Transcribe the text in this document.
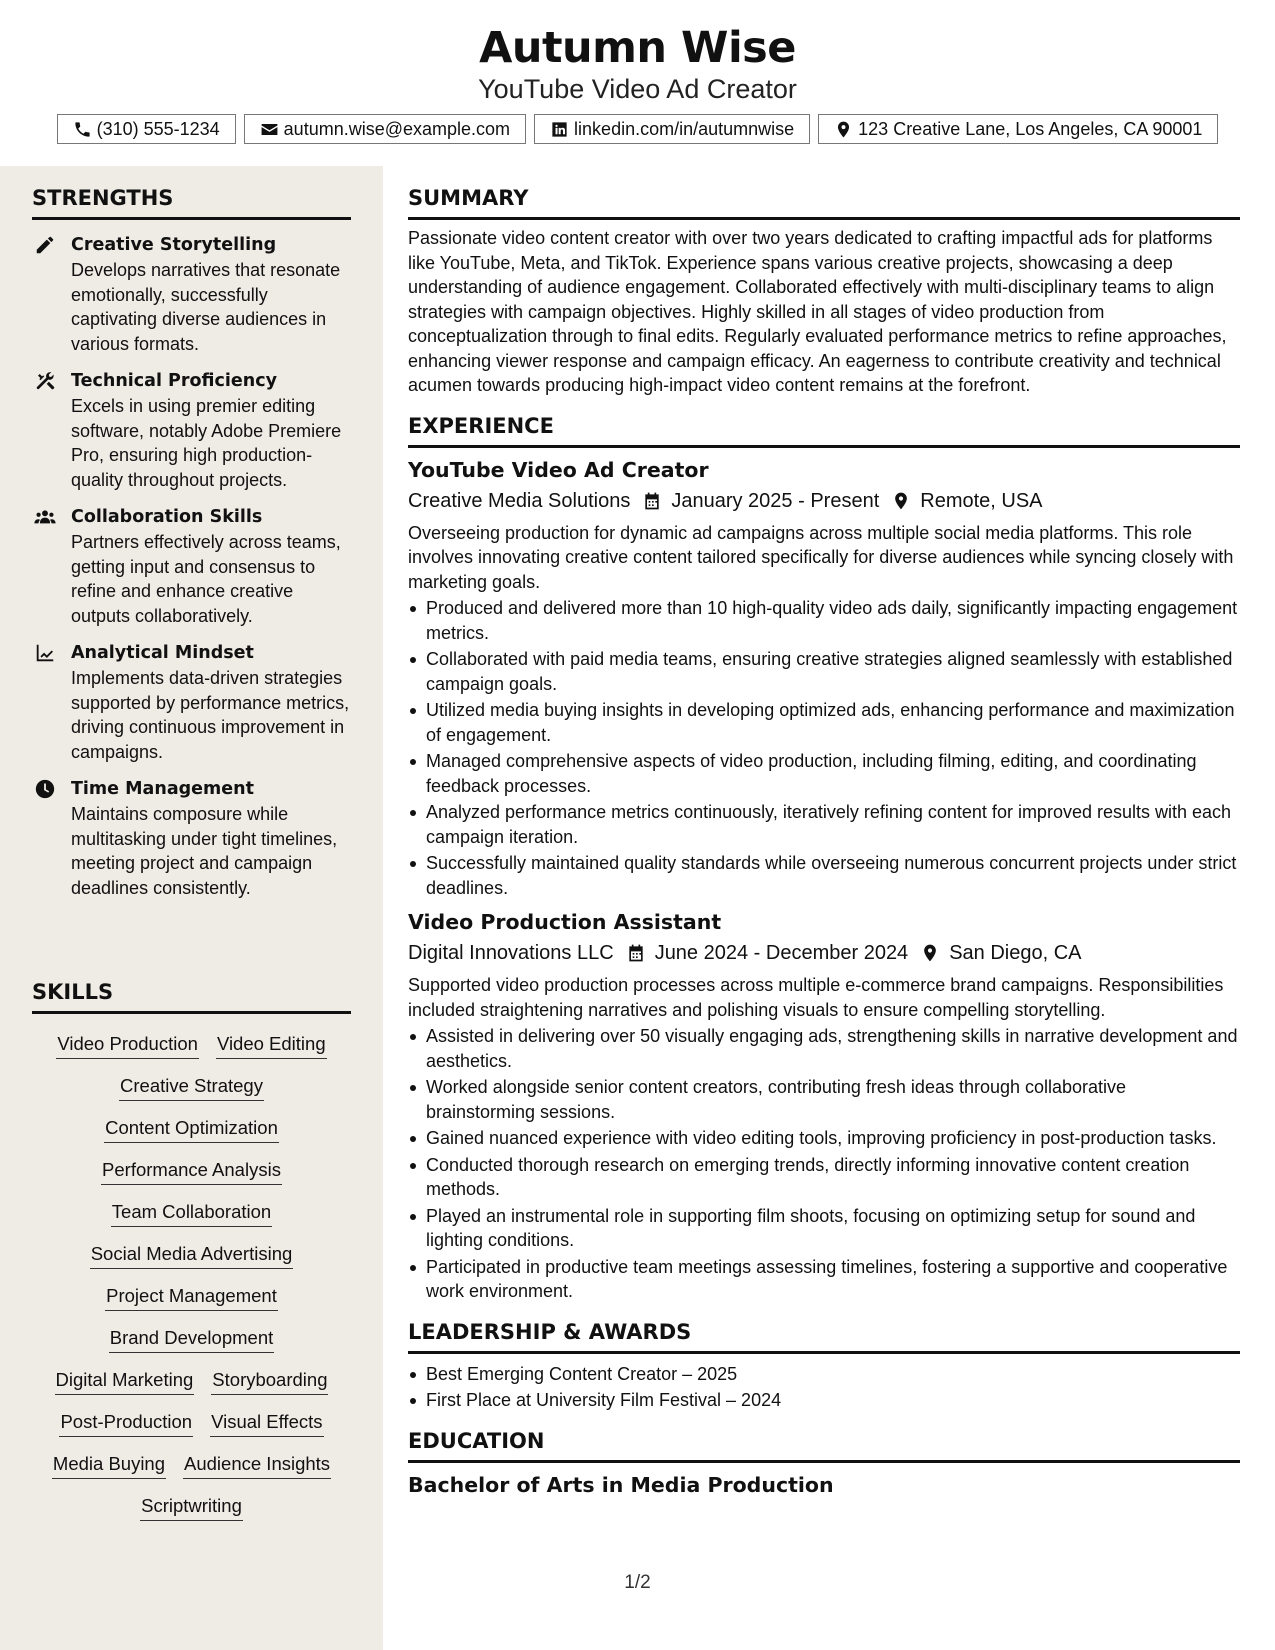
Autumn Wise
YouTube Video Ad Creator
(310) 555-1234	autumn.wise@example.com	linkedin.com/in/autumnwise	123 Creative Lane, Los Angeles, CA 90001
STRENGTHS
Creative Storytelling
Develops narratives that resonate emotionally, successfully captivating diverse audiences in various formats.
Technical Proficiency
Excels in using premier editing software, notably Adobe Premiere Pro, ensuring high production-quality throughout projects.
Collaboration Skills
Partners effectively across teams, getting input and consensus to refine and enhance creative outputs collaboratively.
Analytical Mindset
Implements data-driven strategies supported by performance metrics, driving continuous improvement in campaigns.
Time Management
Maintains composure while multitasking under tight timelines, meeting project and campaign deadlines consistently.
SKILLS
Video Production Video Editing
Creative Strategy
Content Optimization
Performance Analysis
Team Collaboration
Social Media Advertising
Project Management
Brand Development
Digital Marketing Storyboarding
Post-Production Visual Effects
Media Buying Audience Insights
Scriptwriting
SUMMARY
Passionate video content creator with over two years dedicated to crafting impactful ads for platforms like YouTube, Meta, and TikTok. Experience spans various creative projects, showcasing a deep understanding of audience engagement. Collaborated effectively with multi-disciplinary teams to align strategies with campaign objectives. Highly skilled in all stages of video production from conceptualization through to final edits. Regularly evaluated performance metrics to refine approaches, enhancing viewer response and campaign efficacy. An eagerness to contribute creativity and technical acumen towards producing high-impact video content remains at the forefront.
EXPERIENCE
YouTube Video Ad Creator
Creative Media Solutions January 2025 - Present Remote, USA
Overseeing production for dynamic ad campaigns across multiple social media platforms. This role involves innovating creative content tailored specifically for diverse audiences while syncing closely with marketing goals.
Produced and delivered more than 10 high-quality video ads daily, significantly impacting engagement metrics.
Collaborated with paid media teams, ensuring creative strategies aligned seamlessly with established campaign goals.
Utilized media buying insights in developing optimized ads, enhancing performance and maximization of engagement.
Managed comprehensive aspects of video production, including filming, editing, and coordinating feedback processes.
Analyzed performance metrics continuously, iteratively refining content for improved results with each campaign iteration.
Successfully maintained quality standards while overseeing numerous concurrent projects under strict deadlines.
Video Production Assistant
Digital Innovations LLC June 2024 - December 2024 San Diego, CA
Supported video production processes across multiple e-commerce brand campaigns. Responsibilities included straightening narratives and polishing visuals to ensure compelling storytelling.
Assisted in delivering over 50 visually engaging ads, strengthening skills in narrative development and aesthetics.
Worked alongside senior content creators, contributing fresh ideas through collaborative brainstorming sessions.
Gained nuanced experience with video editing tools, improving proficiency in post-production tasks.
Conducted thorough research on emerging trends, directly informing innovative content creation methods.
Played an instrumental role in supporting film shoots, focusing on optimizing setup for sound and lighting conditions.
Participated in productive team meetings assessing timelines, fostering a supportive and cooperative work environment.
LEADERSHIP & AWARDS
Best Emerging Content Creator – 2025
First Place at University Film Festival – 2024
EDUCATION
Bachelor of Arts in Media Production
1/2
